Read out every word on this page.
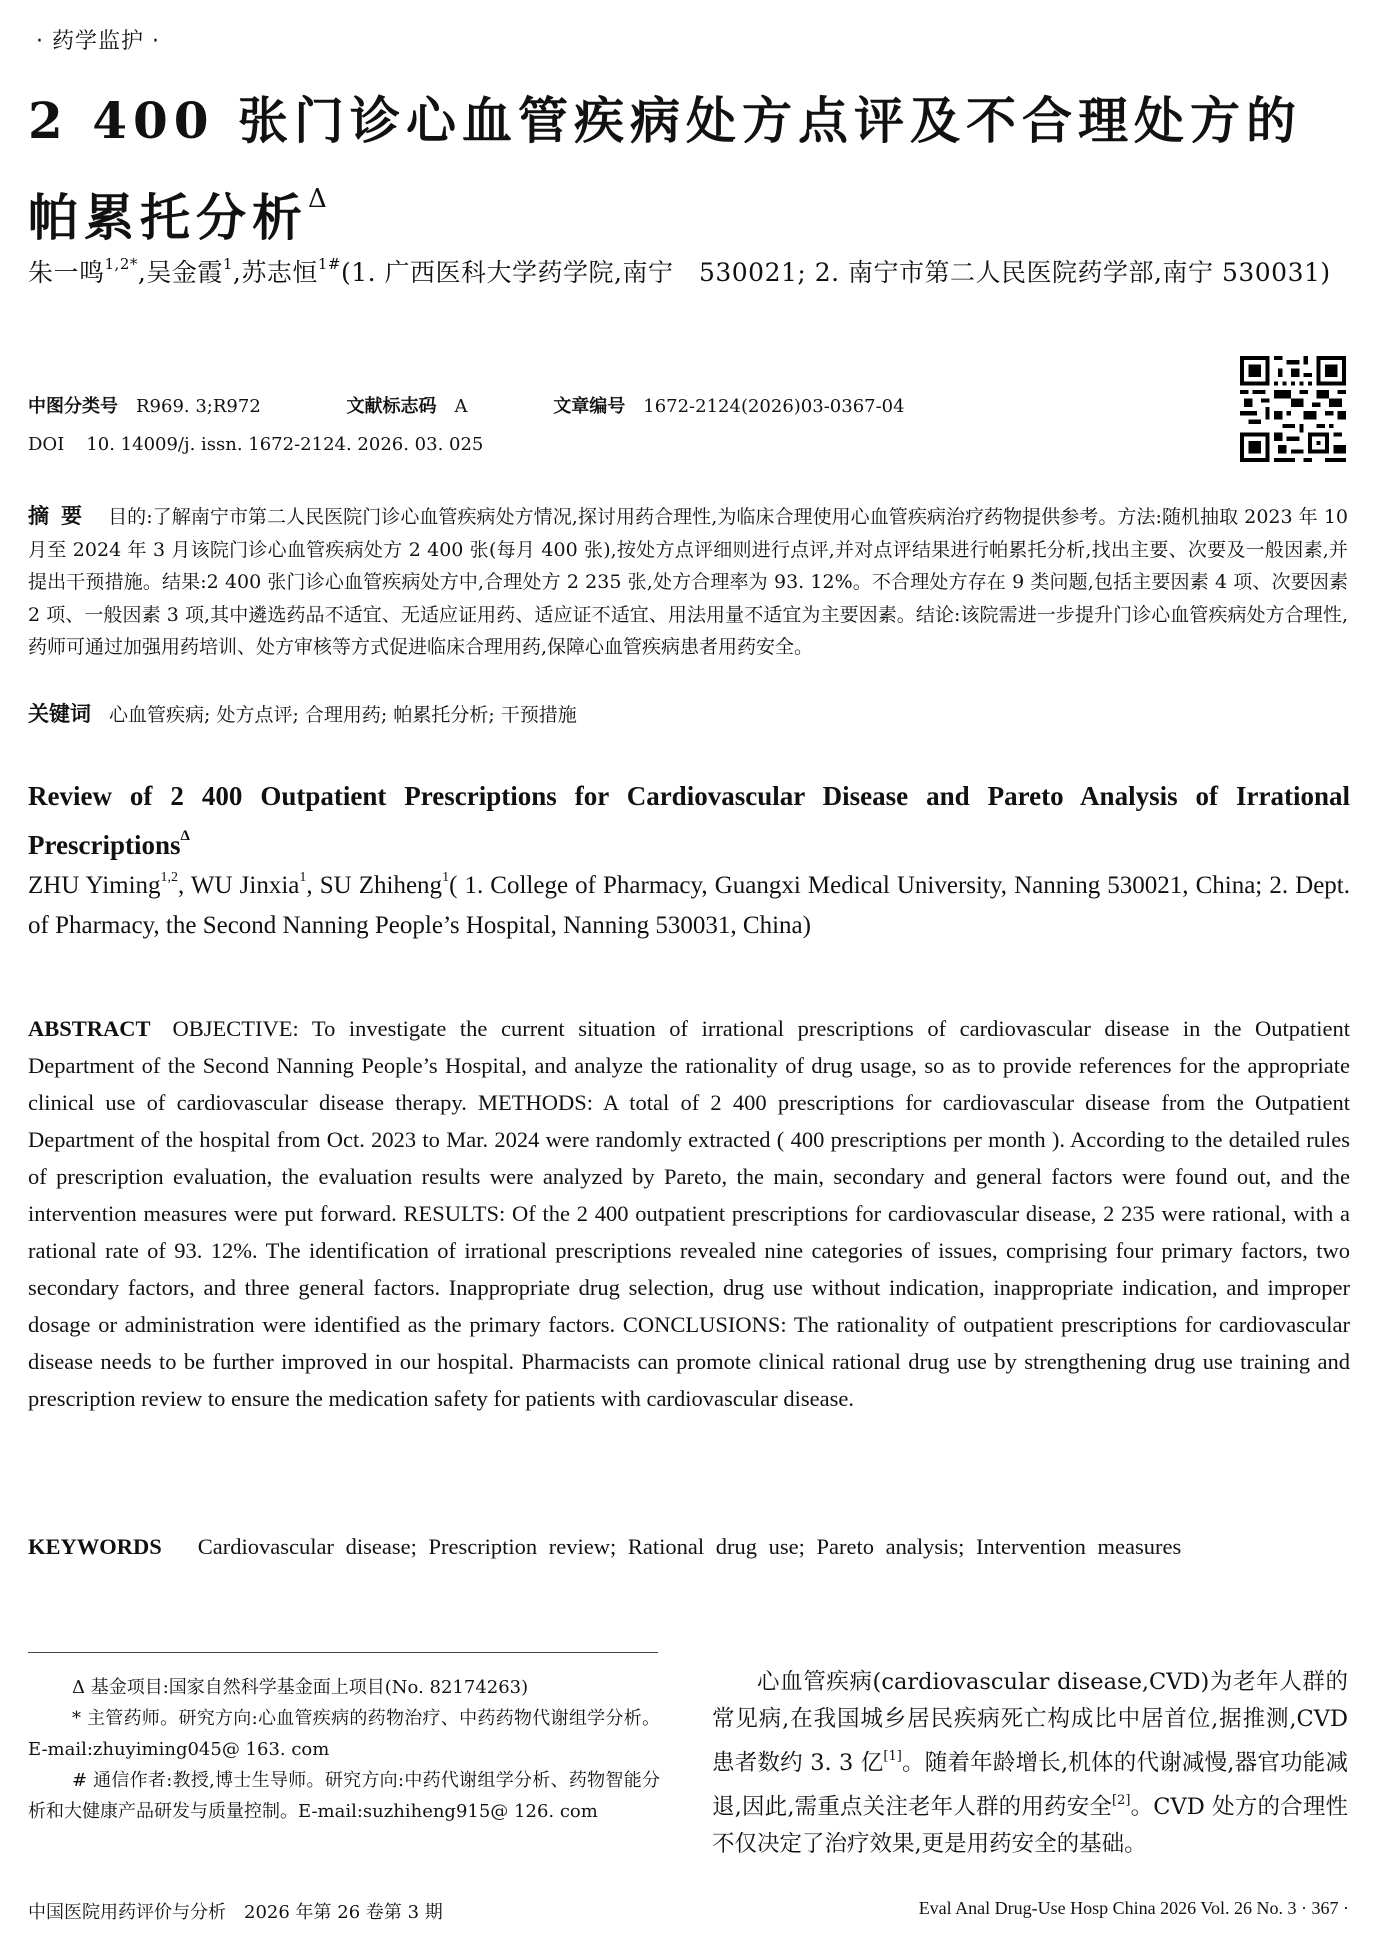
· 药学监护 ·
2 400 张门诊心血管疾病处方点评及不合理处方的帕累托分析$^\Delta$
朱一鸣$^{1,2*}$,吴金霞$^1$,苏志恒$^{1\#}$(1. 广西医科大学药学院,南宁　530021; 2. 南宁市第二人民医院药学部,南宁 530031)
中图分类号 R969. 3;R972	文献标志码 A	文章编号 1672-2124(2026)03-0367-04
DOI 10. 14009/j. issn. 1672-2124. 2026. 03. 025
摘要 目的:了解南宁市第二人民医院门诊心血管疾病处方情况,探讨用药合理性,为临床合理使用心血管疾病治疗药物提供参考。方法:随机抽取 2023 年 10 月至 2024 年 3 月该院门诊心血管疾病处方 2 400 张(每月 400 张),按处方点评细则进行点评,并对点评结果进行帕累托分析,找出主要、次要及一般因素,并提出干预措施。结果:2 400 张门诊心血管疾病处方中,合理处方 2 235 张,处方合理率为 93. 12%。不合理处方存在 9 类问题,包括主要因素 4 项、次要因素 2 项、一般因素 3 项,其中遴选药品不适宜、无适应证用药、适应证不适宜、用法用量不适宜为主要因素。结论:该院需进一步提升门诊心血管疾病处方合理性,药师可通过加强用药培训、处方审核等方式促进临床合理用药,保障心血管疾病患者用药安全。
关键词 心血管疾病; 处方点评; 合理用药; 帕累托分析; 干预措施
Review of 2 400 Outpatient Prescriptions for Cardiovascular Disease and Pareto Analysis of Irrational Prescriptions$^\Delta$
ZHU Yiming$^{1,2}$, WU Jinxia$^1$, SU Zhiheng$^1$( 1. College of Pharmacy, Guangxi Medical University, Nanning 530021, China; 2. Dept. of Pharmacy, the Second Nanning People’s Hospital, Nanning 530031, China)
ABSTRACT OBJECTIVE: To investigate the current situation of irrational prescriptions of cardiovascular disease in the Outpatient Department of the Second Nanning People’s Hospital, and analyze the rationality of drug usage, so as to provide references for the appropriate clinical use of cardiovascular disease therapy. METHODS: A total of 2 400 prescriptions for cardiovascular disease from the Outpatient Department of the hospital from Oct. 2023 to Mar. 2024 were randomly extracted ( 400 prescriptions per month ). According to the detailed rules of prescription evaluation, the evaluation results were analyzed by Pareto, the main, secondary and general factors were found out, and the intervention measures were put forward. RESULTS: Of the 2 400 outpatient prescriptions for cardiovascular disease, 2 235 were rational, with a rational rate of 93. 12%. The identification of irrational prescriptions revealed nine categories of issues, comprising four primary factors, two secondary factors, and three general factors. Inappropriate drug selection, drug use without indication, inappropriate indication, and improper dosage or administration were identified as the primary factors. CONCLUSIONS: The rationality of outpatient prescriptions for cardiovascular disease needs to be further improved in our hospital. Pharmacists can promote clinical rational drug use by strengthening drug use training and prescription review to ensure the medication safety for patients with cardiovascular disease.
KEYWORDS Cardiovascular disease; Prescription review; Rational drug use; Pareto analysis; Intervention measures

Δ 基金项目:国家自然科学基金面上项目(No. 82174263)

* 主管药师。研究方向:心血管疾病的药物治疗、中药药物代谢组学分析。E-mail:zhuyiming045@ 163. com

# 通信作者:教授,博士生导师。研究方向:中药代谢组学分析、药物智能分析和大健康产品研发与质量控制。E-mail:suzhiheng915@ 126. com

心血管疾病(cardiovascular disease,CVD)为老年人群的常见病,在我国城乡居民疾病死亡构成比中居首位,据推测,CVD 患者数约 3. 3 亿[1]。随着年龄增长,机体的代谢减慢,器官功能减退,因此,需重点关注老年人群的用药安全[2]。CVD 处方的合理性不仅决定了治疗效果,更是用药安全的基础。

中国医院用药评价与分析　2026 年第 26 卷第 3 期	Eval Anal Drug-Use Hosp China 2026 Vol. 26 No. 3 · 367 ·
